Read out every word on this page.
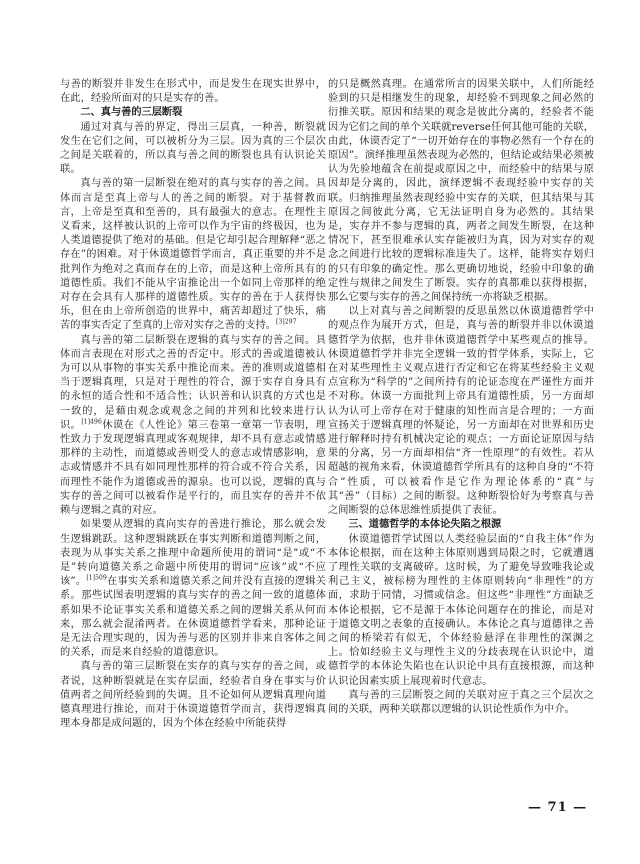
与善的断裂并非发生在形式中，而是发生在现实世界中，在此，经验所面对的只是实存的善。

二、真与善的三层断裂

通过对真与善的界定，得出三层真，一种善，断裂就发生在它们之间，可以被析分为三层。因为真的三个层次之间是关联着的，所以真与善之间的断裂也具有认识论关联。

真与善的第一层断裂在绝对的真与实存的善之间。具体而言是至真上帝与人的善之间的断裂。对于基督教而言，上帝是至真和至善的，具有最强大的意志。在理性主义看来，这样被认识的上帝可以作为宇宙的终极因，也为人类道德提供了绝对的基础。但是它却引起合理解释“恶之存在”的困难。对于休谟道德哲学而言，真正重要的并不是批判作为绝对之真而存在的上帝，而是这种上帝所具有的道德性质。我们不能从宇宙推论出一个如同上帝那样的绝对存在会具有人那样的道德性质。实存的善在于人获得快乐，但在由上帝所创造的世界中，痛苦却超过了快乐，痛苦的事实否定了至真的上帝对实存之善的支持。$^{[3]297}$

真与善的第二层断裂在逻辑的真与实存的善之间。具体而言表现在对形式之善的否定中。形式的善或道德被认为可以从事物的事实关系中推论而来。善的准则或道德相当于逻辑真理，只是对于理性的符合，源于实存自身具有的永恒的适合性和不适合性；认识善和认识真的方式也是一致的，是藉由观念或观念之间的并列和比较来进行认识。$^{[1]496}$休谟在《人性论》第三卷第一章第一节表明，理性致力于发现逻辑真理或客观规律，却不具有意志或情感那样的主动性，而道德或善则受人的意志或情感影响，意志或情感并不具有如同理性那样的符合或不符合关系，因而理性不能作为道德或善的源泉。也可以说，逻辑的真与实存的善之间可以被看作是平行的，而且实存的善并不依赖与逻辑之真的对应。

如果要从逻辑的真向实存的善进行推论，那么就会发生逻辑跳跃。这种逻辑跳跃在事实判断和道德判断之间，表现为从事实关系之推理中命题所使用的谓词“是”或“不是”转向道德关系之命题中所使用的谓词“应该”或“不应该”。$^{[1]509}$在事实关系和道德关系之间并没有直接的逻辑关系。那些试图表明逻辑的真与实存的善之间一致的道德体系如果不论证事实关系和道德关系之间的逻辑关系从何而来，那么就会混淆两者。在休谟道德哲学看来，那种论证是无法合理实现的，因为善与恶的区别并非来自客体之间的关系，而是来自经验的道德意识。

真与善的第三层断裂在实存的真与实存的善之间，或者说，这种断裂就是在实存层面，经验者自身在事实与价值两者之间所经验到的失调。且不论如何从逻辑真理向道德真理进行推论，而对于休谟道德哲学而言，获得逻辑真理本身都是成问题的，因为个体在经验中所能获得

的只是概然真理。在通常所言的因果关联中，人们所能经验到的只是相继发生的现象，却经验不到现象之间必然的衍推关联。原因和结果的观念是彼此分离的，经验者不能因为它们之间的单个关联就reverse任何其他可能的关联，由此，休谟否定了“一切开始存在的事物必然有一个存在的原因”。演绎推理虽然表现为必然的，但结论或结果必须被认为先验地蕴含在前提或原因之中，而经验中的结果与原因却是分离的，因此，演绎逻辑不表现经验中实存的关联。归纳推理虽然表现经验中实存的关联，但其结果与其原因之间彼此分离，它无法证明自身为必然的。其结果是，实存并不参与逻辑的真，两者之间发生断裂，在这种情况下，甚至很难承认实存能被归为真，因为对实存的观念之间进行比较的逻辑标准违失了。这样，能将实存划归的只有印象的确定性。那么更确切地说，经验中印象的确定性与规律之间发生了断裂。实存的真都难以获得根据，那么它要与实存的善之间保持统一亦将缺乏根据。

以上对真与善之间断裂的反思虽然以休谟道德哲学中的观点作为展开方式，但是，真与善的断裂并非以休谟道德哲学为依据，也并非休谟道德哲学中某些观点的推导。休谟道德哲学并非完全逻辑一致的哲学体系，实际上，它在对某些理性主义观点进行否定和它在将某些经验主义观点宣称为“科学的”之间所持有的论证态度在严谨性方面并不对称。休谟一方面批判上帝具有道德性质，另一方面却认为认可上帝存在对于健康的知性而言是合理的；一方面宣扬关于逻辑真理的怀疑论，另一方面却在对世界和历史进行解释时持有机械决定论的观点；一方面论证原因与结果的分离，另一方面却相信“齐一性原理”的有效性。若从超越的视角来看，休谟道德哲学所具有的这种自身的“不符合”性质，可以被看作是它作为理论体系的“真”与其“善”（目标）之间的断裂。这种断裂恰好为考察真与善之间断裂的总体思维性质提供了表征。

三、道德哲学的本体论失陷之根源

休谟道德哲学试图以人类经验层面的“自我主体”作为本体论根据，而在这种主体原则遇到局限之时，它就遭遇了理性关联的支离破碎。这时候，为了避免导致唯我论或利己主义，被标榜为理性的主体原则转向“非理性”的方面，求助于同情，习惯或信念。但这些“非理性”方面缺乏本体论根据，它不是源于本体论问题存在的推论，而是对于道德文明之表象的直接确认。本体论之真与道德律之善之间的桥梁若有似无，个体经验悬浮在非理性的深渊之上。恰如经验主义与理性主义的分歧表现在认识论中，道德哲学的本体论失陷也在认识论中具有直接根源，而这种认识论因素实质上展现着时代意志。

真与善的三层断裂之间的关联对应于真之三个层次之间的关联，两种关联都以逻辑的认识论性质作为中介。

— 71 —
